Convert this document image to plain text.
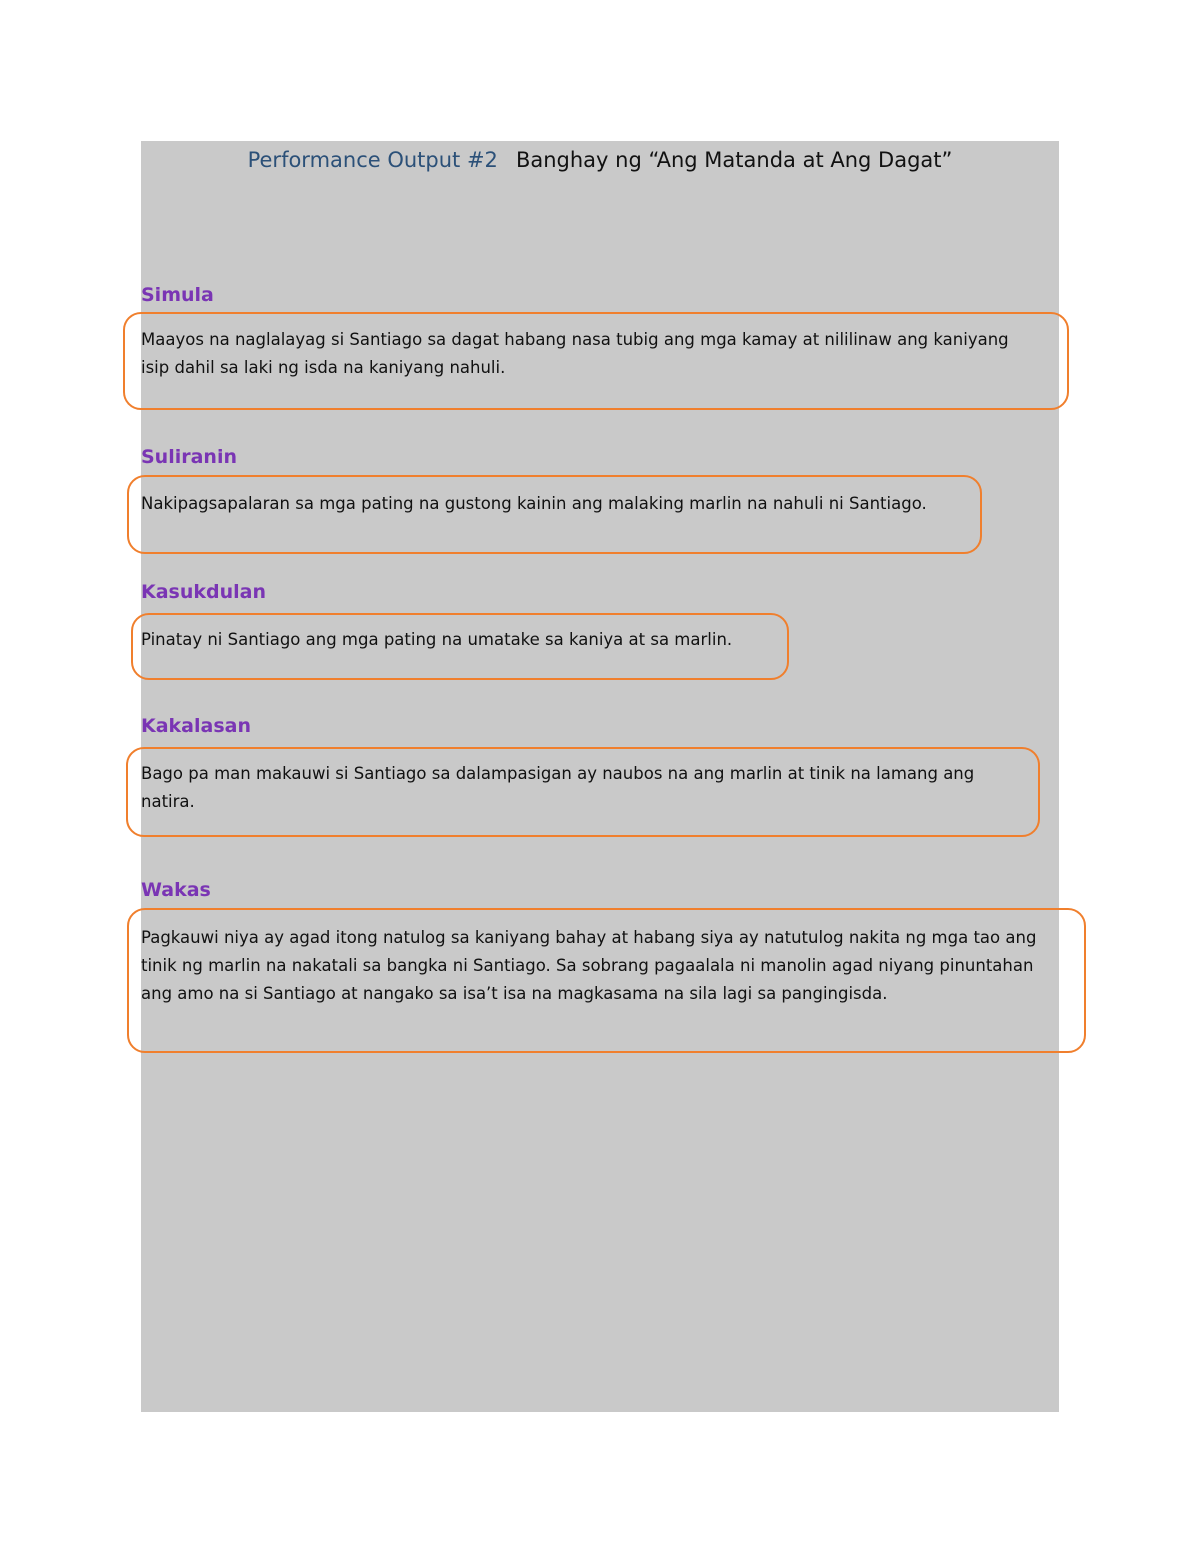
Performance Output #2 Banghay ng “Ang Matanda at Ang Dagat”
Simula
Maayos na naglalayag si Santiago sa dagat habang nasa tubig ang mga kamay at nililinaw ang kaniyang isip dahil sa laki ng isda na kaniyang nahuli.
Suliranin
Nakipagsapalaran sa mga pating na gustong kainin ang malaking marlin na nahuli ni Santiago.
Kasukdulan
Pinatay ni Santiago ang mga pating na umatake sa kaniya at sa marlin.
Kakalasan
Bago pa man makauwi si Santiago sa dalampasigan ay naubos na ang marlin at tinik na lamang ang natira.
Wakas
Pagkauwi niya ay agad itong natulog sa kaniyang bahay at habang siya ay natutulog nakita ng mga tao ang tinik ng marlin na nakatali sa bangka ni Santiago. Sa sobrang pagaalala ni manolin agad niyang pinuntahan ang amo na si Santiago at nangako sa isa’t isa na magkasama na sila lagi sa pangingisda.
